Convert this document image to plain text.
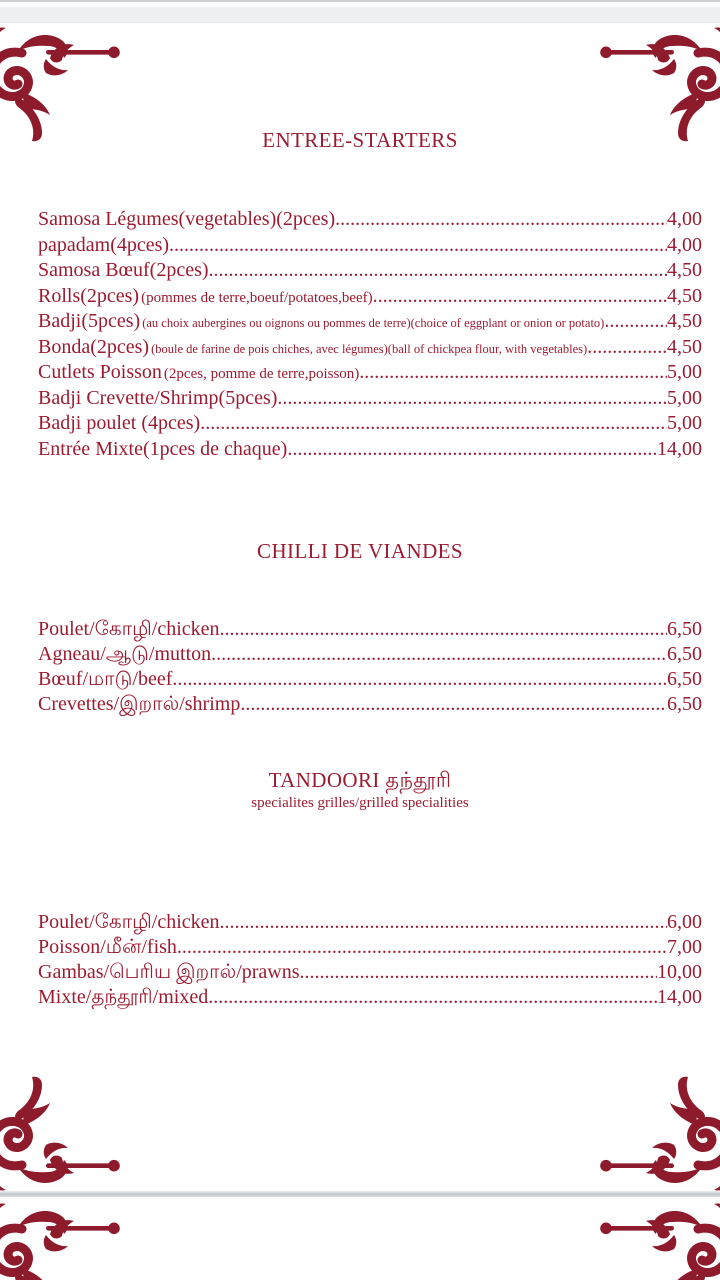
ENTREE-STARTERS
Samosa Légumes(vegetables)(2pces) .....	4,00
papadam(4pces) .....	4,00
Samosa Bœuf(2pces) .....	4,50
Rolls(2pces) (pommes de terre,boeuf/potatoes,beef) .....	4,50
Badji(5pces) (au choix aubergines ou oignons ou pommes de terre)(choice of eggplant or onion or potato) .....	4,50
Bonda(2pces) (boule de farine de pois chiches, avec légumes)(ball of chickpea flour, with vegetables) .....	4,50
Cutlets Poisson (2pces, pomme de terre,poisson) .....	5,00
Badji Crevette/Shrimp(5pces) .....	5,00
Badji poulet (4pces) .....	5,00
Entrée Mixte(1pces de chaque) .....	14,00
CHILLI DE VIANDES
Poulet/கோழி/chicken .....	6,50
Agneau/ஆடு/mutton .....	6,50
Bœuf/மாடு/beef .....	6,50
Crevettes/இறால்/shrimp .....	6,50
TANDOORI தந்தூரி
specialites grilles/grilled specialities
Poulet/கோழி/chicken .....	6,00
Poisson/மீன்/fish .....	7,00
Gambas/பெரிய இறால்/prawns .....	10,00
Mixte/தந்தூரி/mixed .....	14,00
